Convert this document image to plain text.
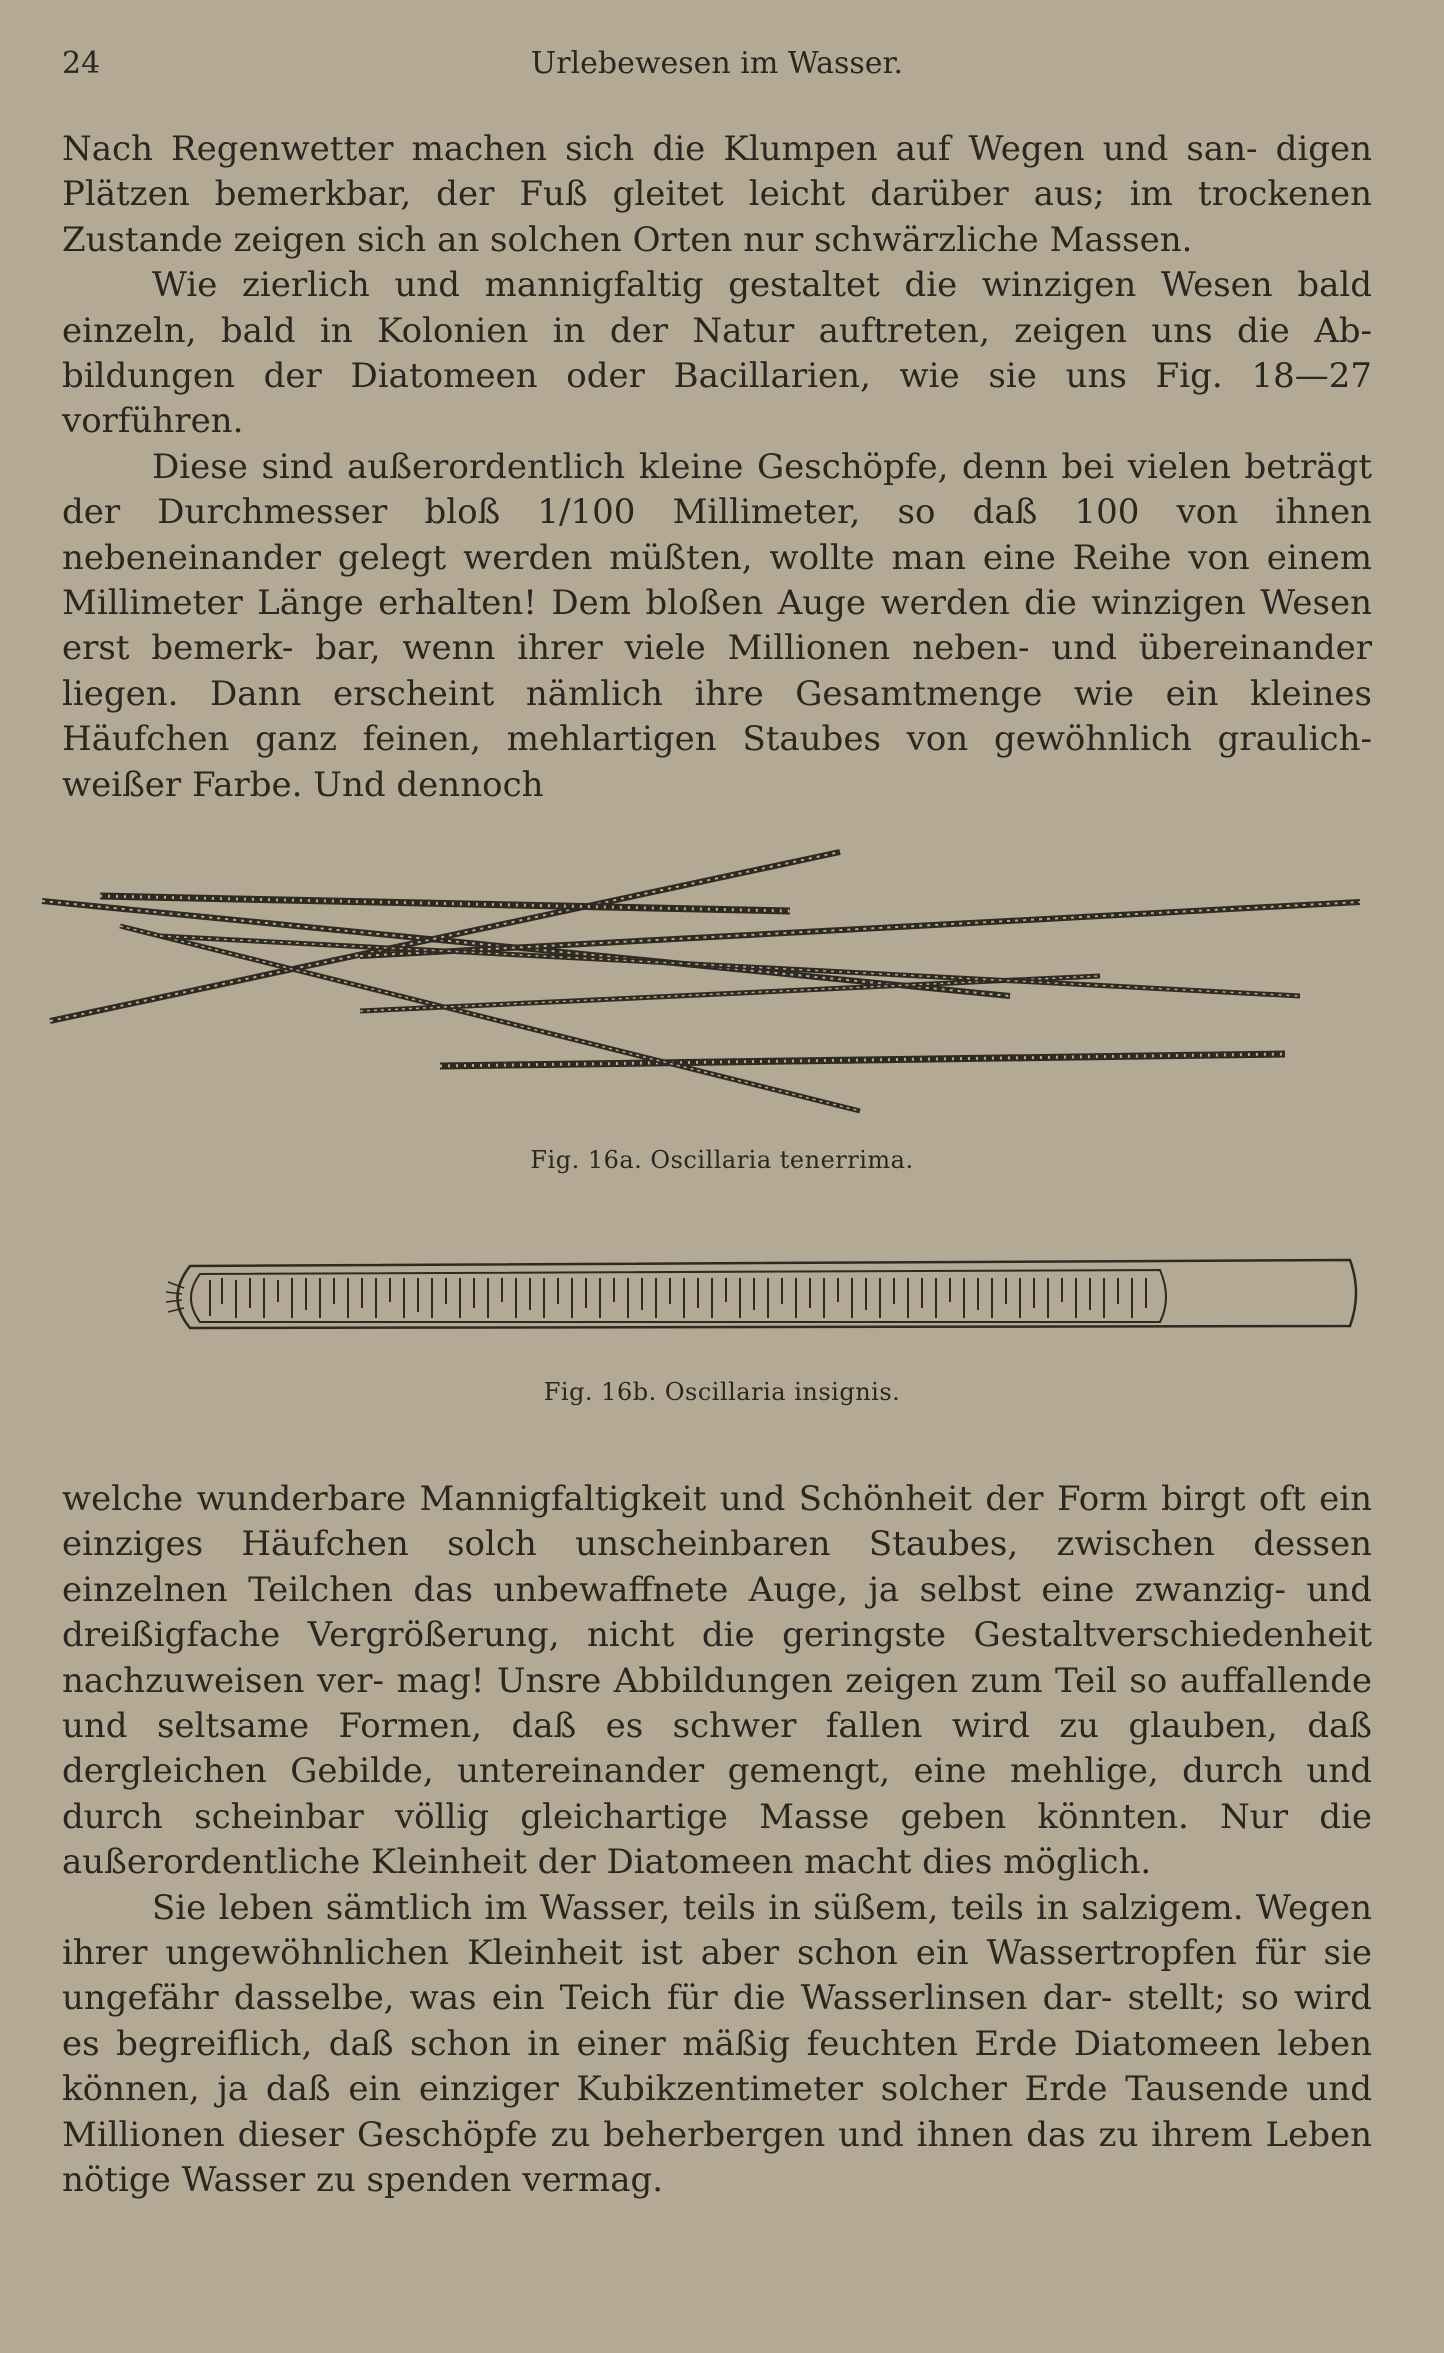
24	Urlebewesen im Wasser.

Nach Regenwetter machen sich die Klumpen auf Wegen und san- digen Plätzen bemerkbar, der Fuß gleitet leicht darüber aus; im trockenen Zustande zeigen sich an solchen Orten nur schwärzliche Massen.

Wie zierlich und mannigfaltig gestaltet die winzigen Wesen bald einzeln, bald in Kolonien in der Natur auftreten, zeigen uns die Ab- bildungen der Diatomeen oder Bacillarien, wie sie uns Fig. 18—27 vorführen.

Diese sind außerordentlich kleine Geschöpfe, denn bei vielen beträgt der Durchmesser bloß 1/100 Millimeter, so daß 100 von ihnen nebeneinander gelegt werden müßten, wollte man eine Reihe von einem Millimeter Länge erhalten! Dem bloßen Auge werden die winzigen Wesen erst bemerk- bar, wenn ihrer viele Millionen neben- und übereinander liegen. Dann erscheint nämlich ihre Gesamtmenge wie ein kleines Häufchen ganz feinen, mehlartigen Staubes von gewöhnlich graulich-weißer Farbe. Und dennoch

Fig. 16a. Oscillaria tenerrima.
Fig. 16b. Oscillaria insignis.

welche wunderbare Mannigfaltigkeit und Schönheit der Form birgt oft ein einziges Häufchen solch unscheinbaren Staubes, zwischen dessen einzelnen Teilchen das unbewaffnete Auge, ja selbst eine zwanzig- und dreißigfache Vergrößerung, nicht die geringste Gestaltverschiedenheit nachzuweisen ver- mag! Unsre Abbildungen zeigen zum Teil so auffallende und seltsame Formen, daß es schwer fallen wird zu glauben, daß dergleichen Gebilde, untereinander gemengt, eine mehlige, durch und durch scheinbar völlig gleichartige Masse geben könnten. Nur die außerordentliche Kleinheit der Diatomeen macht dies möglich.

Sie leben sämtlich im Wasser, teils in süßem, teils in salzigem. Wegen ihrer ungewöhnlichen Kleinheit ist aber schon ein Wassertropfen für sie ungefähr dasselbe, was ein Teich für die Wasserlinsen dar- stellt; so wird es begreiflich, daß schon in einer mäßig feuchten Erde Diatomeen leben können, ja daß ein einziger Kubikzentimeter solcher Erde Tausende und Millionen dieser Geschöpfe zu beherbergen und ihnen das zu ihrem Leben nötige Wasser zu spenden vermag.
